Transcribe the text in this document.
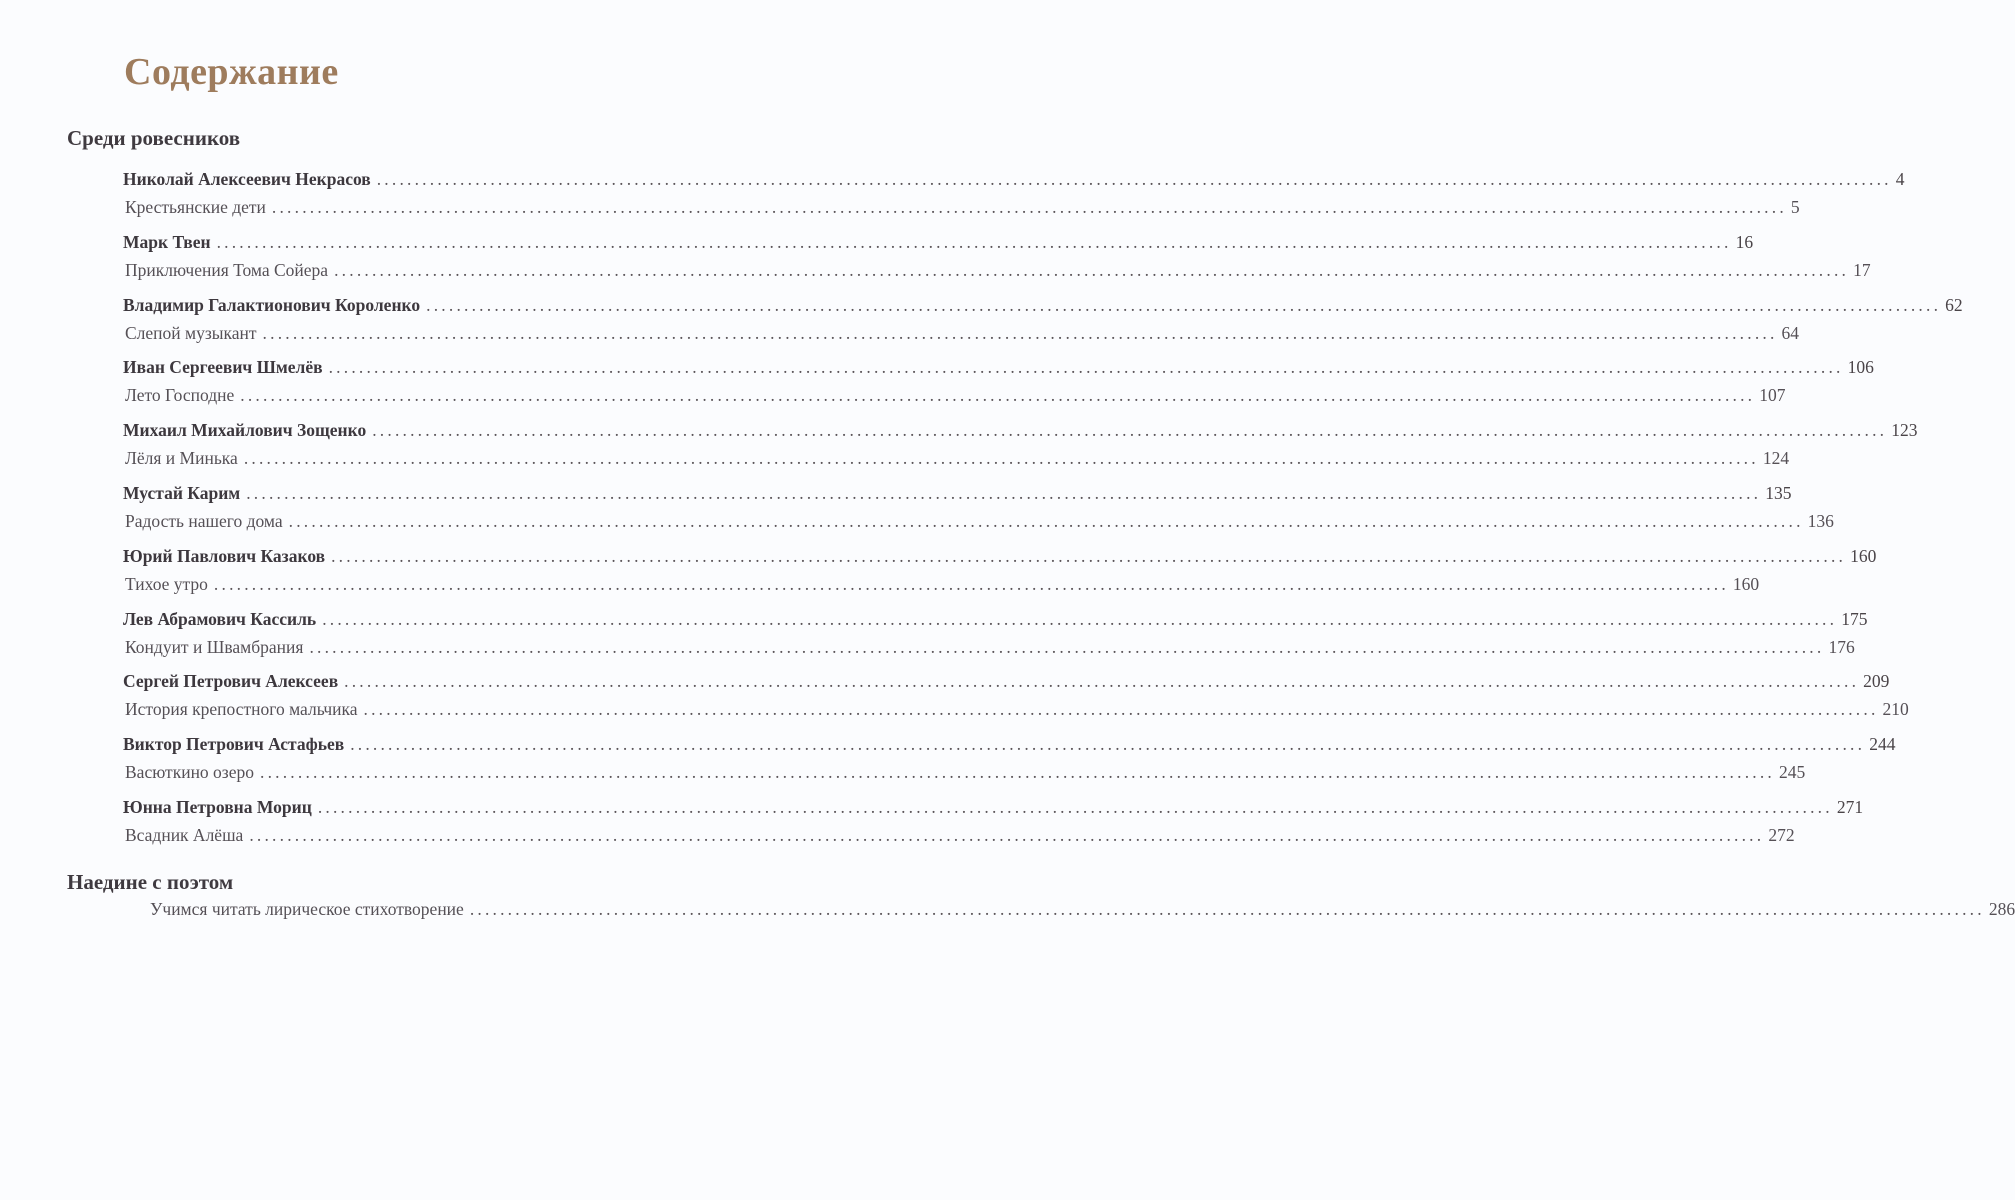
Содержание
Среди ровесников
Наедине с поэтом
Николай Алексеевич Некрасов ........................................................................................................................................................................................................ 4
Крестьянские дети ........................................................................................................................................................................................................ 5
Марк Твен ........................................................................................................................................................................................................ 16
Приключения Тома Сойера ........................................................................................................................................................................................................ 17
Владимир Галактионович Короленко ........................................................................................................................................................................................................ 62
Слепой музыкант ........................................................................................................................................................................................................ 64
Иван Сергеевич Шмелёв ........................................................................................................................................................................................................ 106
Лето Господне ........................................................................................................................................................................................................ 107
Михаил Михайлович Зощенко ........................................................................................................................................................................................................ 123
Лёля и Минька ........................................................................................................................................................................................................ 124
Мустай Карим ........................................................................................................................................................................................................ 135
Радость нашего дома ........................................................................................................................................................................................................ 136
Юрий Павлович Казаков ........................................................................................................................................................................................................ 160
Тихое утро ........................................................................................................................................................................................................ 160
Лев Абрамович Кассиль ........................................................................................................................................................................................................ 175
Кондуит и Швамбрания ........................................................................................................................................................................................................ 176
Сергей Петрович Алексеев ........................................................................................................................................................................................................ 209
История крепостного мальчика ........................................................................................................................................................................................................ 210
Виктор Петрович Астафьев ........................................................................................................................................................................................................ 244
Васюткино озеро ........................................................................................................................................................................................................ 245
Юнна Петровна Мориц ........................................................................................................................................................................................................ 271
Всадник Алёша ........................................................................................................................................................................................................ 272
Учимся читать лирическое стихотворение ........................................................................................................................................................................................................ 286
